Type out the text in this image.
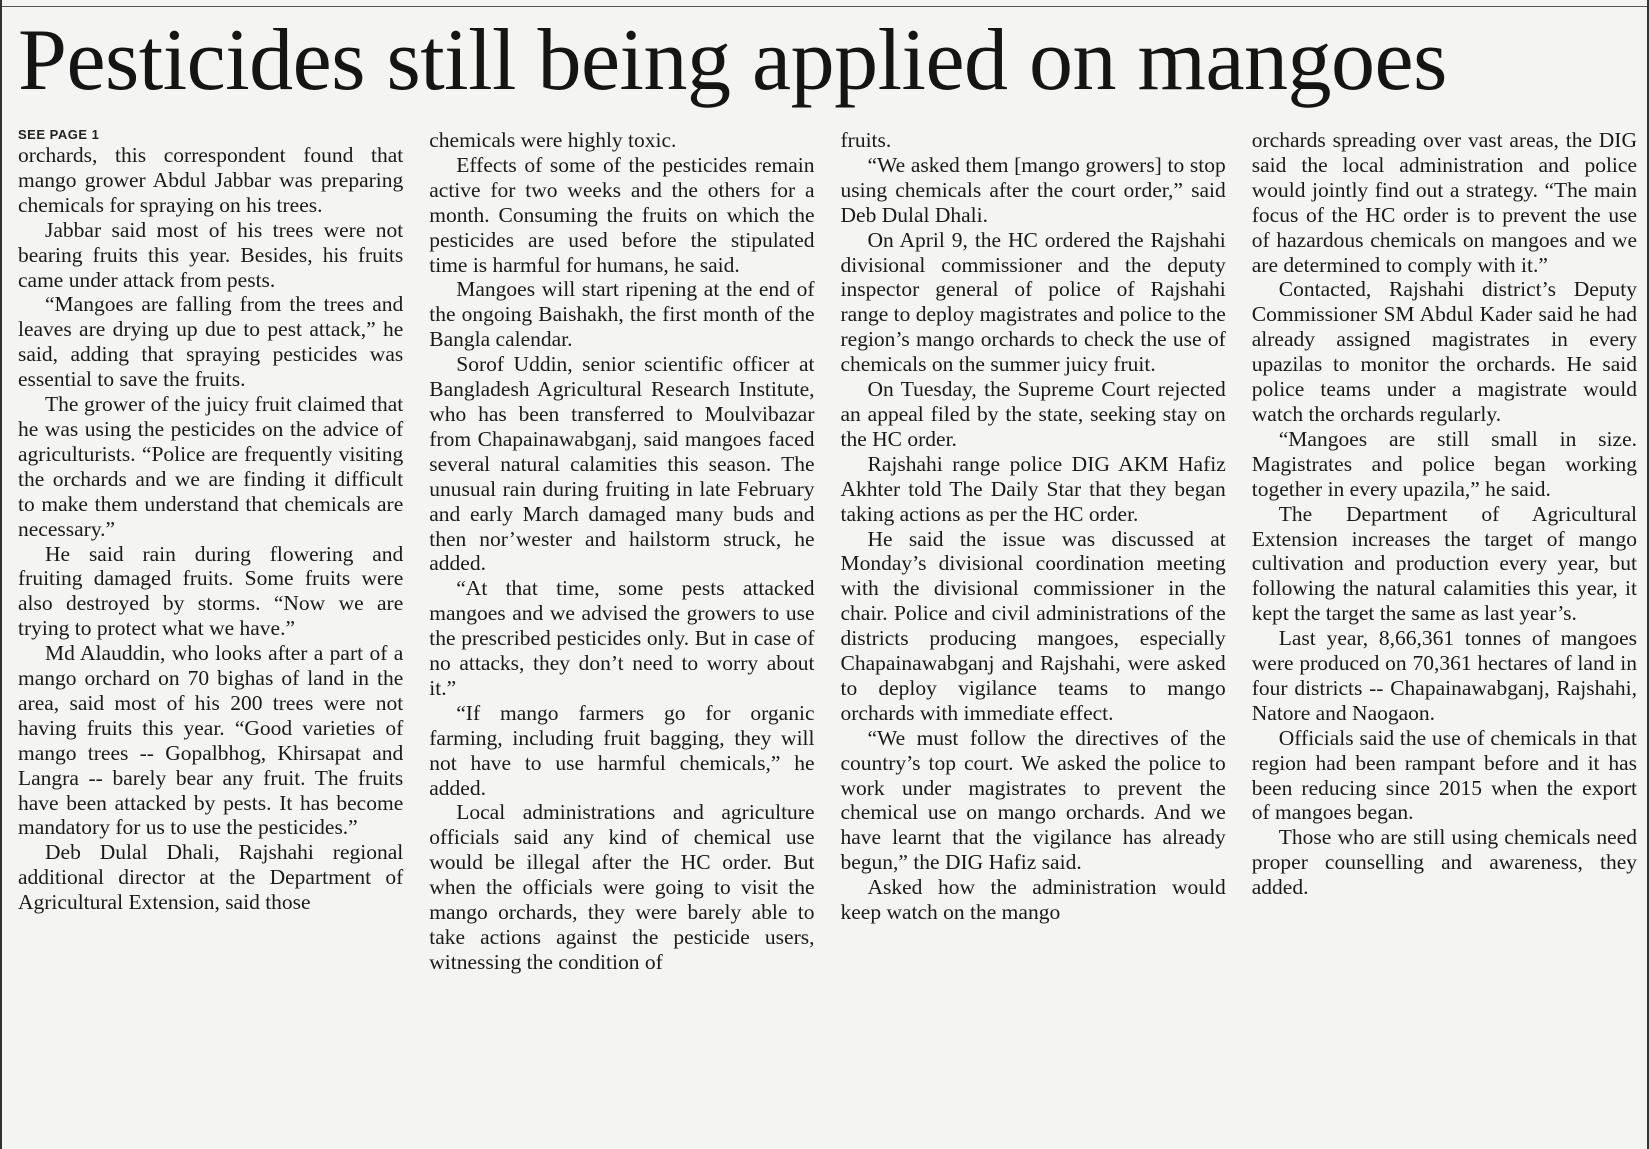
Pesticides still being applied on mangoes
SEE PAGE 1

orchards, this correspondent found that mango grower Abdul Jabbar was preparing chemicals for spraying on his trees.

Jabbar said most of his trees were not bearing fruits this year. Besides, his fruits came under attack from pests.

“Mangoes are falling from the trees and leaves are drying up due to pest attack,” he said, adding that spraying pesticides was essential to save the fruits.

The grower of the juicy fruit claimed that he was using the pesticides on the advice of agriculturists. “Police are frequently visiting the orchards and we are finding it difficult to make them understand that chemicals are necessary.”

He said rain during flowering and fruiting damaged fruits. Some fruits were also destroyed by storms. “Now we are trying to protect what we have.”

Md Alauddin, who looks after a part of a mango orchard on 70 bighas of land in the area, said most of his 200 trees were not having fruits this year. “Good varieties of mango trees -- Gopalbhog, Khirsapat and Langra -- barely bear any fruit. The fruits have been attacked by pests. It has become mandatory for us to use the pesticides.”

Deb Dulal Dhali, Rajshahi regional additional director at the Department of Agricultural Extension, said those

chemicals were highly toxic.

Effects of some of the pesticides remain active for two weeks and the others for a month. Consuming the fruits on which the pesticides are used before the stipulated time is harmful for humans, he said.

Mangoes will start ripening at the end of the ongoing Baishakh, the first month of the Bangla calendar.

Sorof Uddin, senior scientific officer at Bangladesh Agricultural Research Institute, who has been transferred to Moulvibazar from Chapainawabganj, said mangoes faced several natural calamities this season. The unusual rain during fruiting in late February and early March damaged many buds and then nor’wester and hailstorm struck, he added.

“At that time, some pests attacked mangoes and we advised the growers to use the prescribed pesticides only. But in case of no attacks, they don’t need to worry about it.”

“If mango farmers go for organic farming, including fruit bagging, they will not have to use harmful chemicals,” he added.

Local administrations and agriculture officials said any kind of chemical use would be illegal after the HC order. But when the officials were going to visit the mango orchards, they were barely able to take actions against the pesticide users, witnessing the condition of

fruits.

“We asked them [mango growers] to stop using chemicals after the court order,” said Deb Dulal Dhali.

On April 9, the HC ordered the Rajshahi divisional commissioner and the deputy inspector general of police of Rajshahi range to deploy magistrates and police to the region’s mango orchards to check the use of chemicals on the summer juicy fruit.

On Tuesday, the Supreme Court rejected an appeal filed by the state, seeking stay on the HC order.

Rajshahi range police DIG AKM Hafiz Akhter told The Daily Star that they began taking actions as per the HC order.

He said the issue was discussed at Monday’s divisional coordination meeting with the divisional commissioner in the chair. Police and civil administrations of the districts producing mangoes, especially Chapainawabganj and Rajshahi, were asked to deploy vigilance teams to mango orchards with immediate effect.

“We must follow the directives of the country’s top court. We asked the police to work under magistrates to prevent the chemical use on mango orchards. And we have learnt that the vigilance has already begun,” the DIG Hafiz said.

Asked how the administration would keep watch on the mango

orchards spreading over vast areas, the DIG said the local administration and police would jointly find out a strategy. “The main focus of the HC order is to prevent the use of hazardous chemicals on mangoes and we are determined to comply with it.”

Contacted, Rajshahi district’s Deputy Commissioner SM Abdul Kader said he had already assigned magistrates in every upazilas to monitor the orchards. He said police teams under a magistrate would watch the orchards regularly.

“Mangoes are still small in size. Magistrates and police began working together in every upazila,” he said.

The Department of Agricultural Extension increases the target of mango cultivation and production every year, but following the natural calamities this year, it kept the target the same as last year’s.

Last year, 8,66,361 tonnes of mangoes were produced on 70,361 hectares of land in four districts -- Chapainawabganj, Rajshahi, Natore and Naogaon.

Officials said the use of chemicals in that region had been rampant before and it has been reducing since 2015 when the export of mangoes began.

Those who are still using chemicals need proper counselling and awareness, they added.
